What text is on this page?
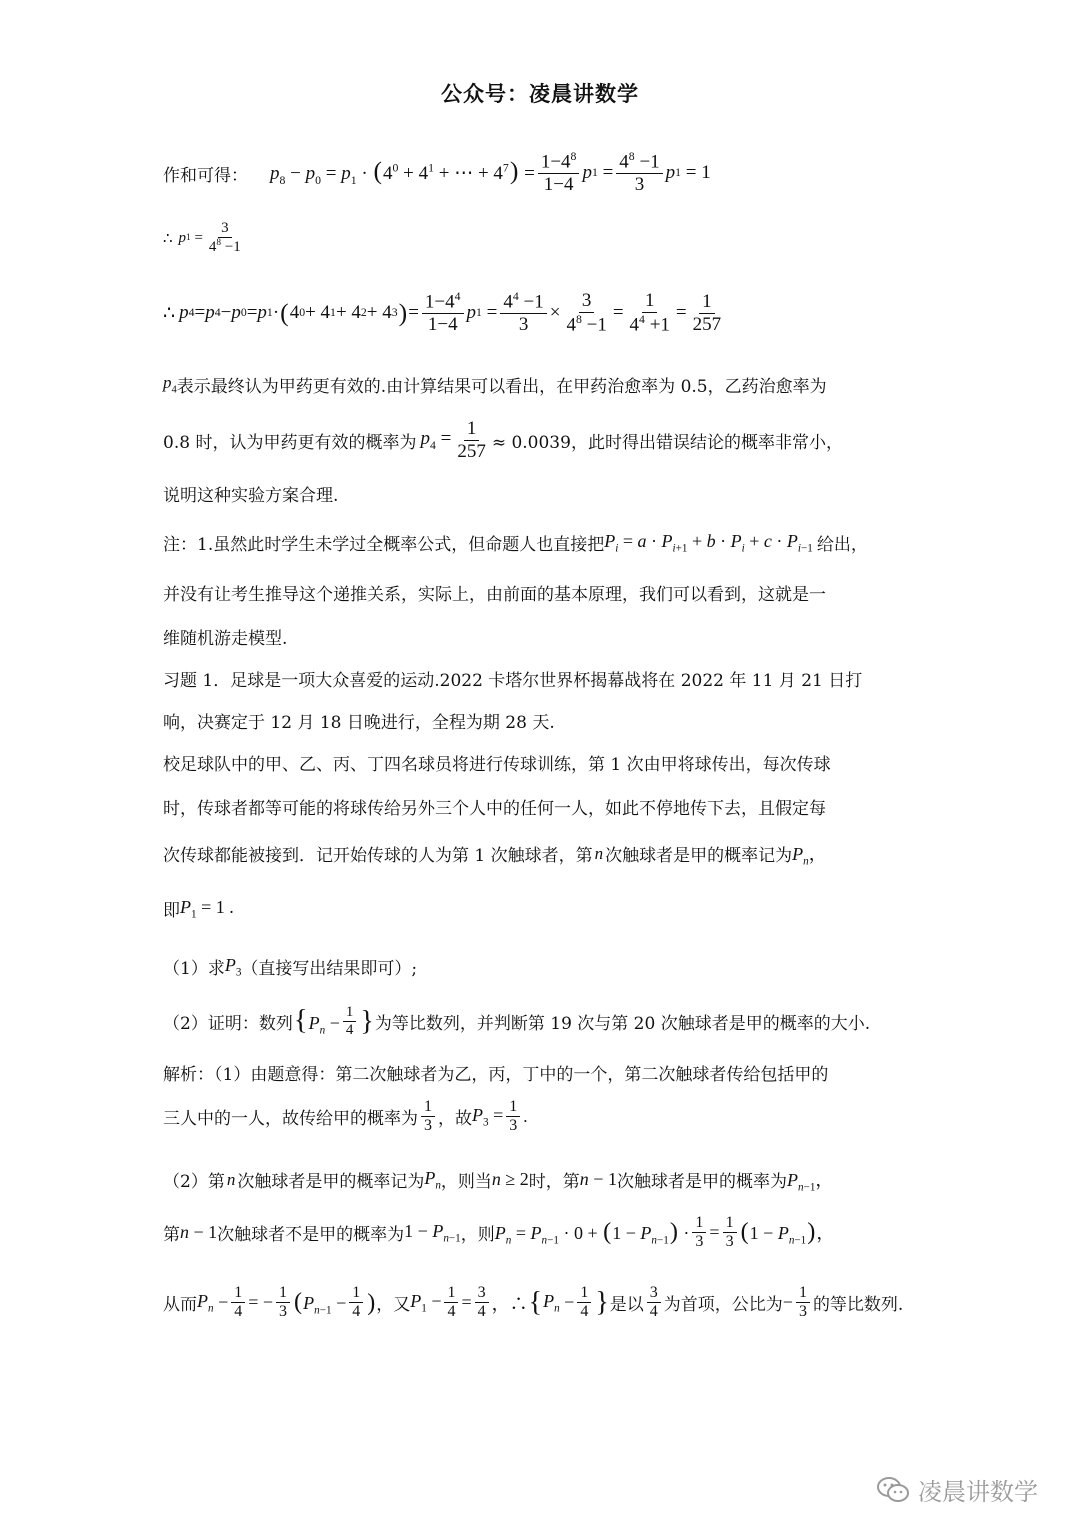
公众号：凌晨讲数学
作和可得： $p_8 - p_0 = p_1 \cdot (4^0 + 4^1$ + ⋯ + $4^7) = \frac{1-4^8}{1-4}$ p $1 = \frac{4^8 -1}{3}$ p 1 = 1
∴ p $1 = \frac{3}{4^8 -1}$
∴ p 4 = p 4 − p 0 = p 1 · ( 4 0 + 4 1 + 4 2 + 4 3 ) = $\frac{1-4^4}{1-4}$ p $1 = \frac{4^4 -1}{3} \times \frac{3}{4^8 -1} = \frac{1}{4^4 +1} = \frac{1}{257}$
$p_4$ 表示最终认为甲药更有效的.由计算结果可以看出，在甲药治愈率为 0.5，乙药治愈率为
0.8 时，认为甲药更有效的概率为 $p_4 = \frac{1}{257} \approx 0.0039$，此时得出错误结论的概率非常小，
说明这种实验方案合理.
注：1.虽然此时学生未学过全概率公式，但命题人也直接把 $P_i = a \cdot P_{i+1} + b \cdot P_i + c \cdot P_{i-1}$ 给出，
并没有让考生推导这个递推关系，实际上，由前面的基本原理，我们可以看到，这就是一
维随机游走模型.
习题 1．足球是一项大众喜爱的运动.2022 卡塔尔世界杯揭幕战将在 2022 年 11 月 21 日打
响，决赛定于 12 月 18 日晚进行，全程为期 28 天.
校足球队中的甲、乙、丙、丁四名球员将进行传球训练，第 1 次由甲将球传出，每次传球
时，传球者都等可能的将球传给另外三个人中的任何一人，如此不停地传下去，且假定每
次传球都能被接到．记开始传球的人为第 1 次触球者，第 n 次触球者是甲的概率记为 $P_n$，
即 $P_1 = 1$ .
（1）求 $P_3$ （直接写出结果即可）;
（2）证明：数列 {$P_n - \frac{1}{4}$ } 为等比数列，并判断第 19 次与第 20 次触球者是甲的概率的大小.
解析：（1）由题意得：第二次触球者为乙，丙，丁中的一个，第二次触球者传给包括甲的
三人中的一人，故传给甲的概率为 $\frac{1}{3}$ ，故 $P_3 = \frac{1}{3}$ .
（2）第 n 次触球者是甲的概率记为 $P_n$ ，则当 n ≥ 2 时，第 n − 1 次触球者是甲的概率为 $P_{n-1}$，
第 n − 1 次触球者不是甲的概率为 $1 - P_{n-1}$ ，则 $P_n = P_{n-1} \cdot 0 + (1 - P_{n-1}) \cdot \frac{1}{3} = \frac{1}{3} (1 - P_{n-1})$，
从而 $P_n - \frac{1}{4}$ = − $\frac{1}{3} (P_{n-1} - \frac{1}{4}$ ) ，又 $P_1 - \frac{1}{4} = \frac{3}{4}$ ，∴ { $P_n - \frac{1}{4}$ } 是以 $\frac{3}{4}$ 为首项，公比为 − $\frac{1}{3}$ 的等比数列.
凌晨讲数学
